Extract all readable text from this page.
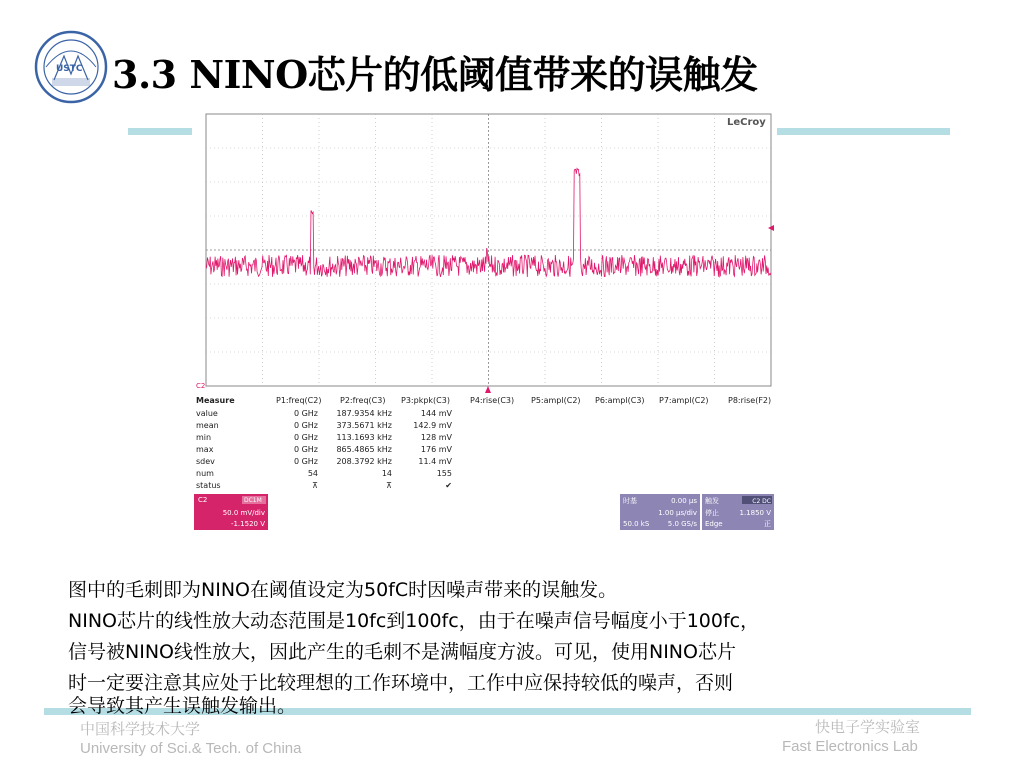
USTC 3.3 NINO芯片的低阈值带来的误触发
LeCroy
C2
Measure	P1:freq(C2) P2:freq(C3) P3:pkpk(C3)	P4:rise(C3) P5:ampl(C2) P6:ampl(C3) P7:ampl(C2) P8:rise(F2)
value	0 GHz 187.9354 kHz	144 mV
mean	0 GHz 373.5671 kHz	142.9 mV
min	0 GHz 113.1693 kHz	128 mV
max	0 GHz 865.4865 kHz	176 mV
sdev	0 GHz 208.3792 kHz	11.4 mV
num	54	14	155
status	⊼	⊼	✔
C2	DC1M
50.0 mV/div
-1.1520 V
时基	0.00 μs
1.00 μs/div
50.0 kS	5.0 GS/s
触发	C2 DC
停止	1.1850 V
Edge	正
图中的毛刺即为NINO在阈值设定为50fC时因噪声带来的误触发。
NINO芯片的线性放大动态范围是10fc到100fc，由于在噪声信号幅度小于100fc，
信号被NINO线性放大，因此产生的毛刺不是满幅度方波。可见，使用NINO芯片
时一定要注意其应处于比较理想的工作环境中，工作中应保持较低的噪声，否则
会导致其产生误触发输出。
中国科学技术大学
University of Sci.& Tech. of China
快电子学实验室
Fast Electronics Lab
